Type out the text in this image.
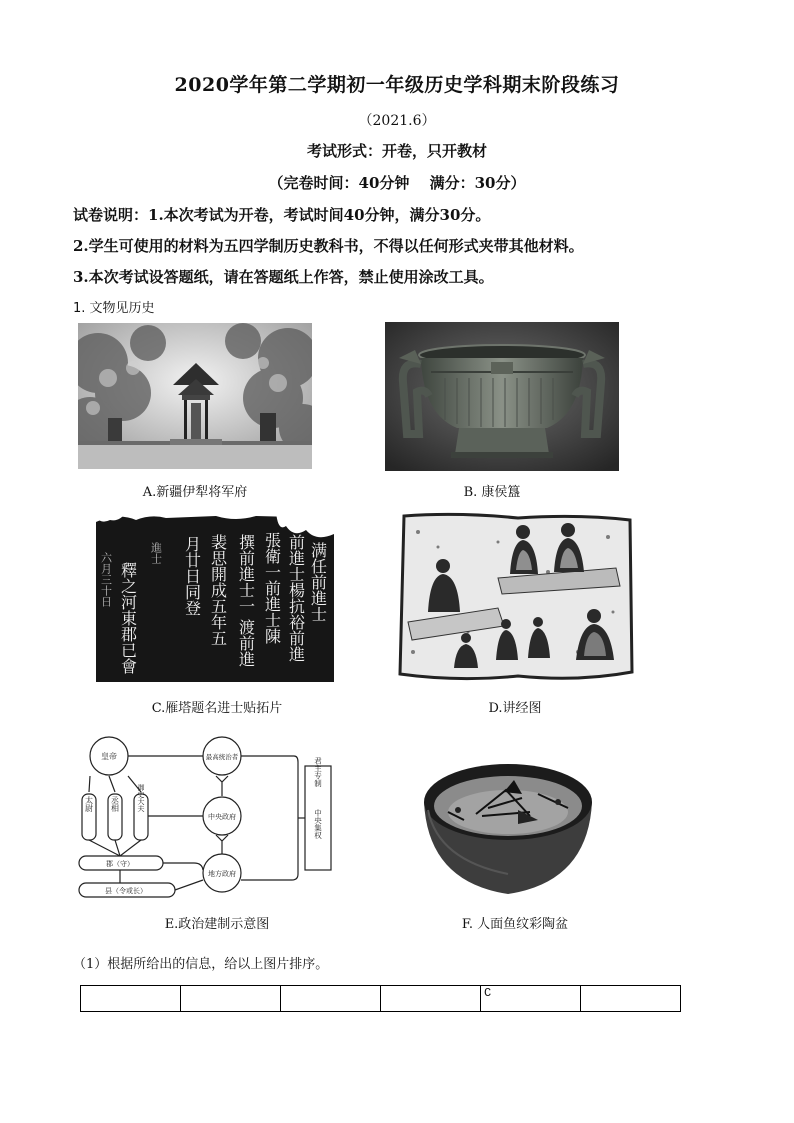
2020学年第二学期初一年级历史学科期末阶段练习
（2021.6）
考试形式：开卷，只开教材
（完卷时间：40分钟　 满分：30分）
试卷说明：1.本次考试为开卷，考试时间40分钟，满分30分。
2.学生可使用的材料为五四学制历史教科书，不得以任何形式夹带其他材料。
3.本次考试设答题纸，请在答题纸上作答，禁止使用涂改工具。
1. 文物见历史
A.新疆伊犁将军府	B. 康侯簋
满任前進士
前進士楊抗裕前進
張衛一前進士陳
撰前進士一 渡前進
裴思開成五年五
月廿日同登
釋之河東郡已會
六月三十日	進士
C.雁塔题名进士贴拓片	D.讲经图
皇帝	最高统治者
中央政府
地方政府
太尉 丞相	御史大夫
郡（守）
县（令或长）
君主专制
中央集权
E.政治建制示意图	F. 人面鱼纹彩陶盆
（1）根据所给出的信息，给以上图片排序。
				C	
